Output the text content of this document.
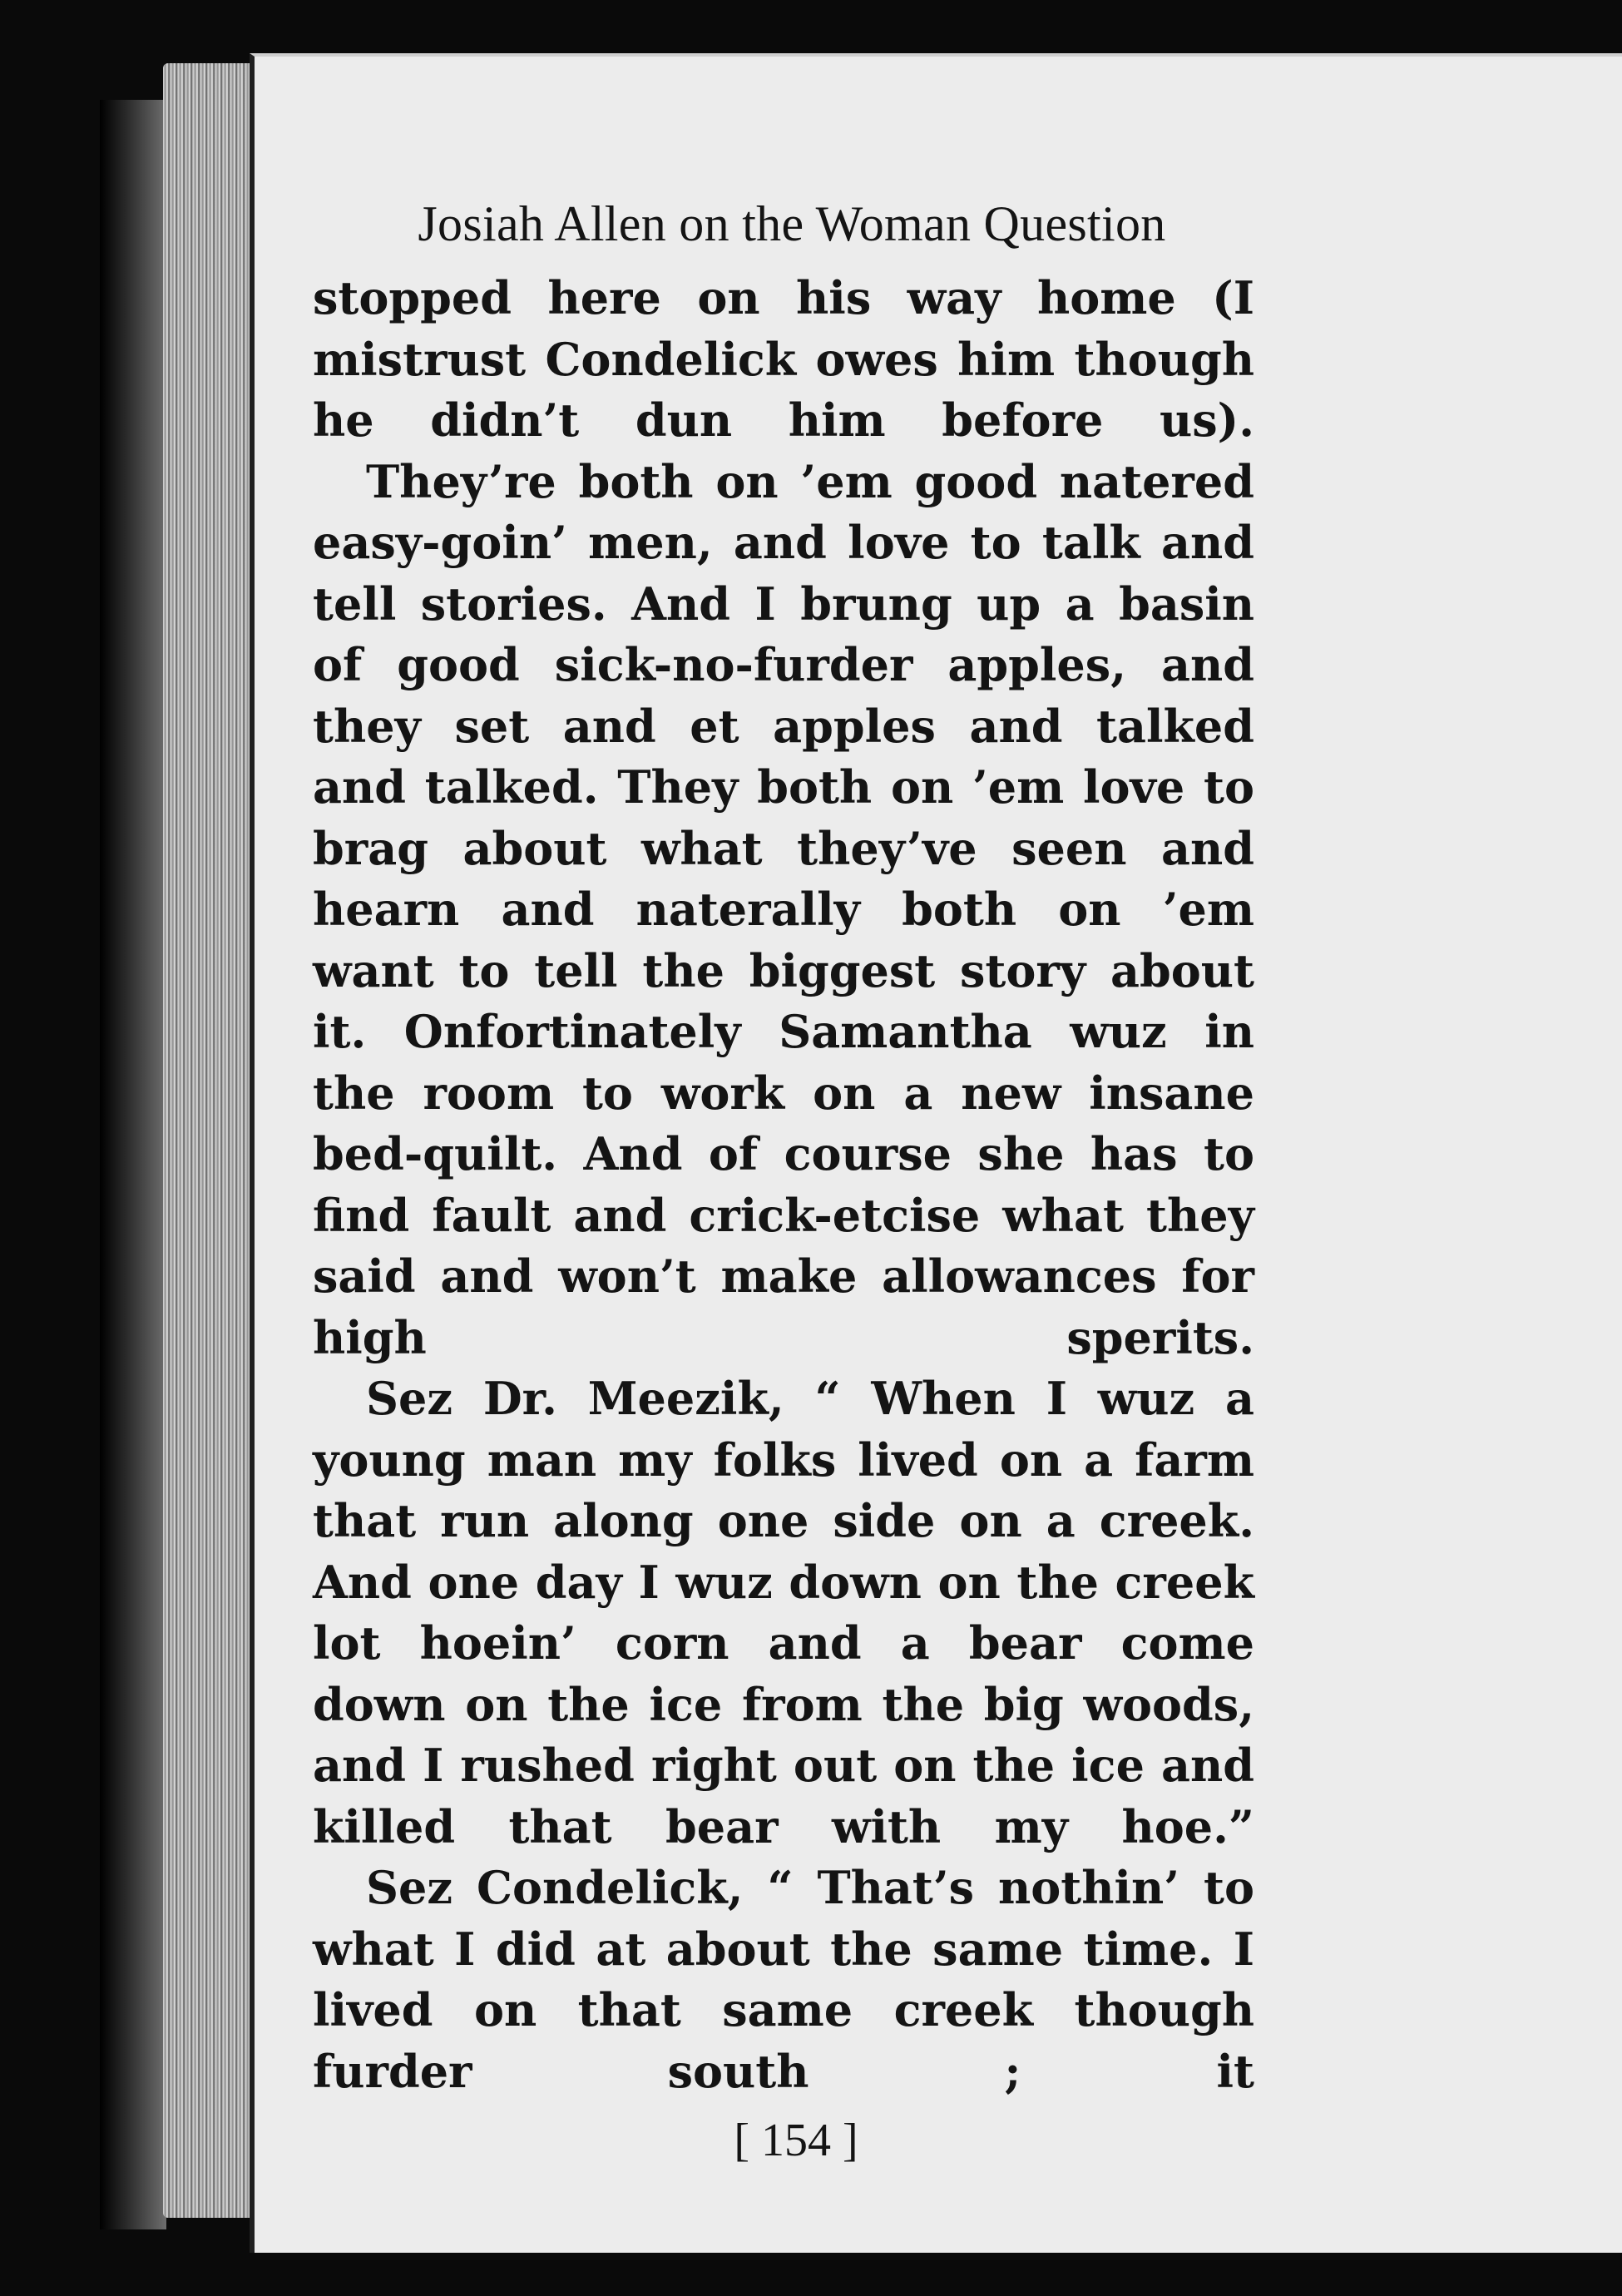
Josiah Allen on the Woman Question

stopped here on his way home (I mistrust Condelick owes him though he didn’t dun him before us).

They’re both on ’em good natered easy-goin’ men, and love to talk and tell stories. And I brung up a basin of good sick-no-furder apples, and they set and et apples and talked and talked. They both on ’em love to brag about what they’ve seen and hearn and naterally both on ’em want to tell the biggest story about it. Onfortinately Samantha wuz in the room to work on a new insane bed-quilt. And of course she has to find fault and crick-etcise what they said and won’t make allowances for high sperits.

Sez Dr. Meezik, “ When I wuz a young man my folks lived on a farm that run along one side on a creek. And one day I wuz down on the creek lot hoein’ corn and a bear come down on the ice from the big woods, and I rushed right out on the ice and killed that bear with my hoe.”

Sez Condelick, “ That’s nothin’ to what I did at about the same time. I lived on that same creek though furder south ; it

[ 154 ]
